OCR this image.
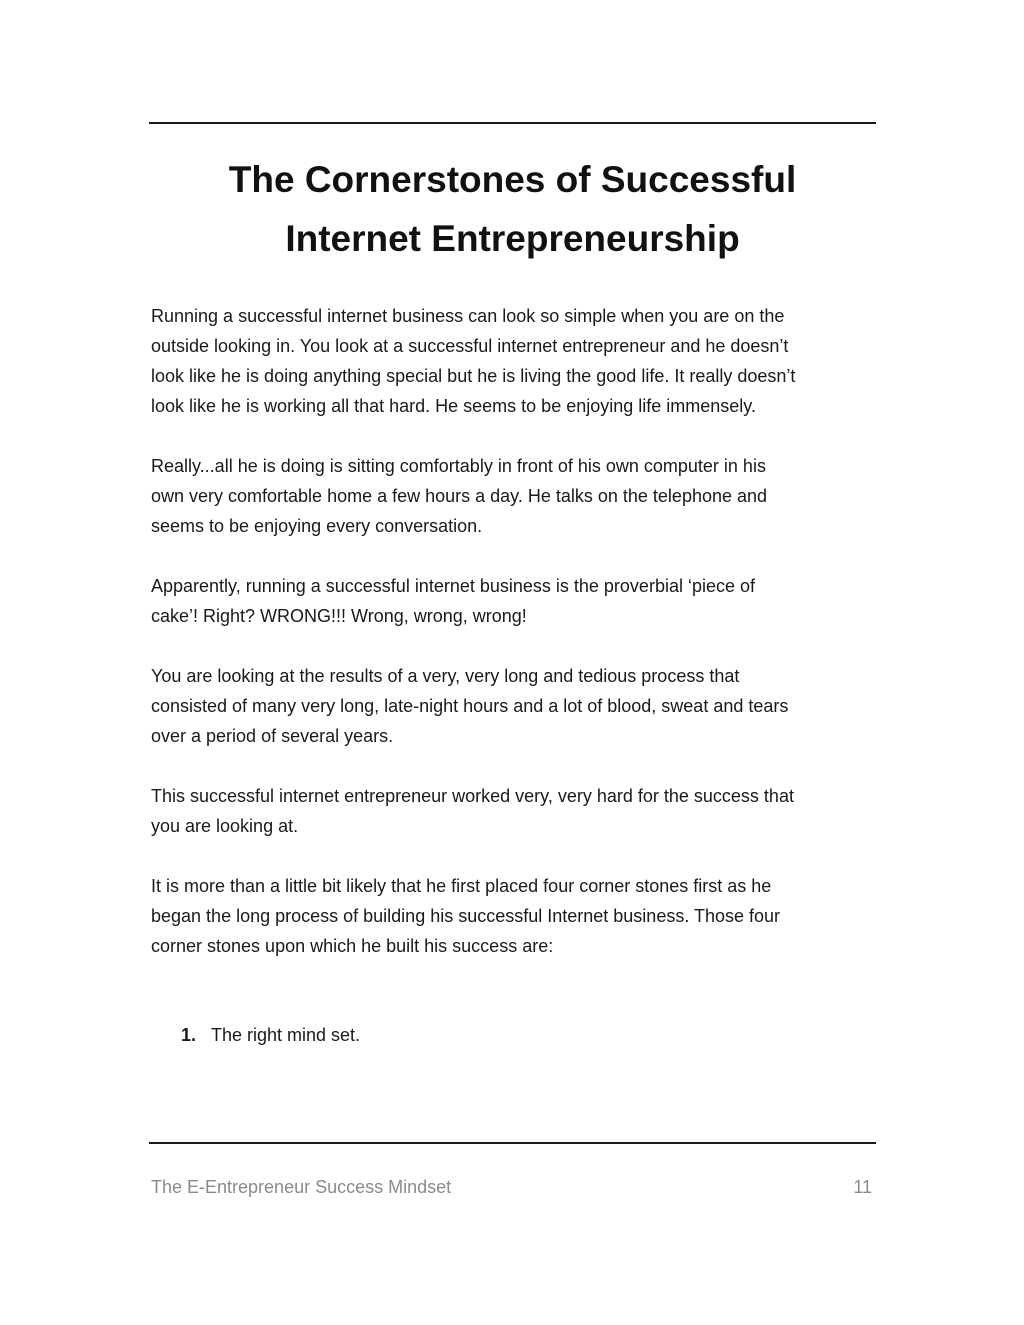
The Cornerstones of Successful
Internet Entrepreneurship

Running a successful internet business can look so simple when you are on the
outside looking in. You look at a successful internet entrepreneur and he doesn’t
look like he is doing anything special but he is living the good life. It really doesn’t
look like he is working all that hard. He seems to be enjoying life immensely.

Really...all he is doing is sitting comfortably in front of his own computer in his
own very comfortable home a few hours a day. He talks on the telephone and
seems to be enjoying every conversation.

Apparently, running a successful internet business is the proverbial ‘piece of
cake’! Right? WRONG!!! Wrong, wrong, wrong!

You are looking at the results of a very, very long and tedious process that
consisted of many very long, late-night hours and a lot of blood, sweat and tears
over a period of several years.

This successful internet entrepreneur worked very, very hard for the success that
you are looking at.

It is more than a little bit likely that he first placed four corner stones first as he
began the long process of building his successful Internet business. Those four
corner stones upon which he built his success are:

1. The right mind set.
The E-Entrepreneur Success Mindset	11
